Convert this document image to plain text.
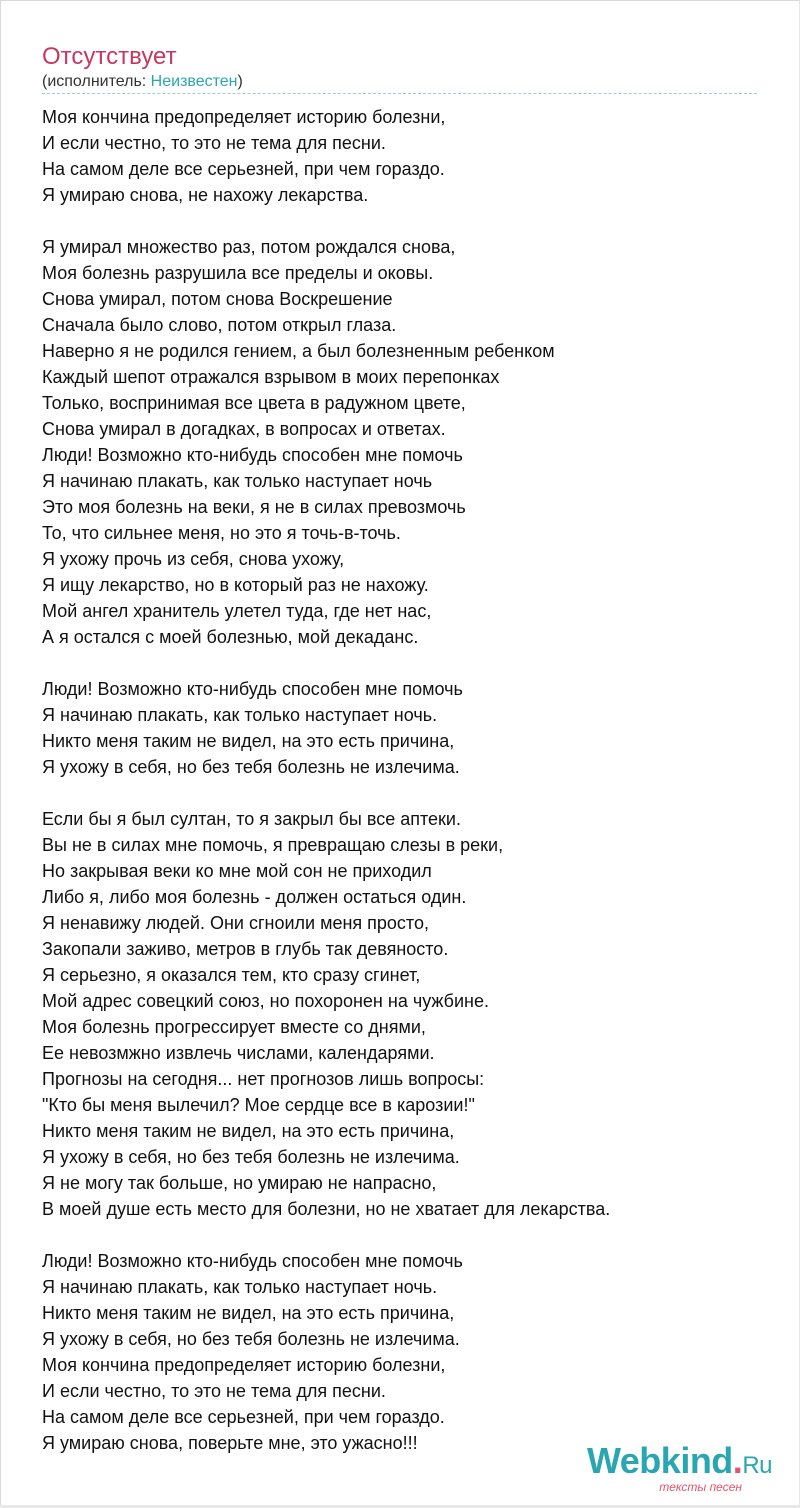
Отсутствует
(исполнитель: Неизвестен)
Моя кончина предопределяет историю болезни,
И если честно, то это не тема для песни.
На самом деле все серьезней, при чем гораздо.
Я умираю снова, не нахожу лекарства.
Я умирал множество раз, потом рождался снова,
Моя болезнь разрушила все пределы и оковы.
Снова умирал, потом снова Воскрешение
Сначала было слово, потом открыл глаза.
Наверно я не родился гением, а был болезненным ребенком
Каждый шепот отражался взрывом в моих перепонках
Только, воспринимая все цвета в радужном цвете,
Снова умирал в догадках, в вопросах и ответах.
Люди! Возможно кто-нибудь способен мне помочь
Я начинаю плакать, как только наступает ночь
Это моя болезнь на веки, я не в силах превозмочь
То, что сильнее меня, но это я точь-в-точь.
Я ухожу прочь из себя, снова ухожу,
Я ищу лекарство, но в который раз не нахожу.
Мой ангел хранитель улетел туда, где нет нас,
А я остался с моей болезнью, мой декаданс.
Люди! Возможно кто-нибудь способен мне помочь
Я начинаю плакать, как только наступает ночь.
Никто меня таким не видел, на это есть причина,
Я ухожу в себя, но без тебя болезнь не излечима.
Если бы я был султан, то я закрыл бы все аптеки.
Вы не в силах мне помочь, я превращаю слезы в реки,
Но закрывая веки ко мне мой сон не приходил
Либо я, либо моя болезнь - должен остаться один.
Я ненавижу людей. Они сгноили меня просто,
Закопали заживо, метров в глубь так девяносто.
Я серьезно, я оказался тем, кто сразу сгинет,
Мой адрес совецкий союз, но похоронен на чужбине.
Моя болезнь прогрессирует вместе со днями,
Ее невозмжно извлечь числами, календарями.
Прогнозы на сегодня... нет прогнозов лишь вопросы:
"Кто бы меня вылечил? Мое сердце все в карозии!"
Никто меня таким не видел, на это есть причина,
Я ухожу в себя, но без тебя болезнь не излечима.
Я не могу так больше, но умираю не напрасно,
В моей душе есть место для болезни, но не хватает для лекарства.
Люди! Возможно кто-нибудь способен мне помочь
Я начинаю плакать, как только наступает ночь.
Никто меня таким не видел, на это есть причина,
Я ухожу в себя, но без тебя болезнь не излечима.
Моя кончина предопределяет историю болезни,
И если честно, то это не тема для песни.
На самом деле все серьезней, при чем гораздо.
Я умираю снова, поверьте мне, это ужасно!!!	Webkind.Ru
тексты песен
